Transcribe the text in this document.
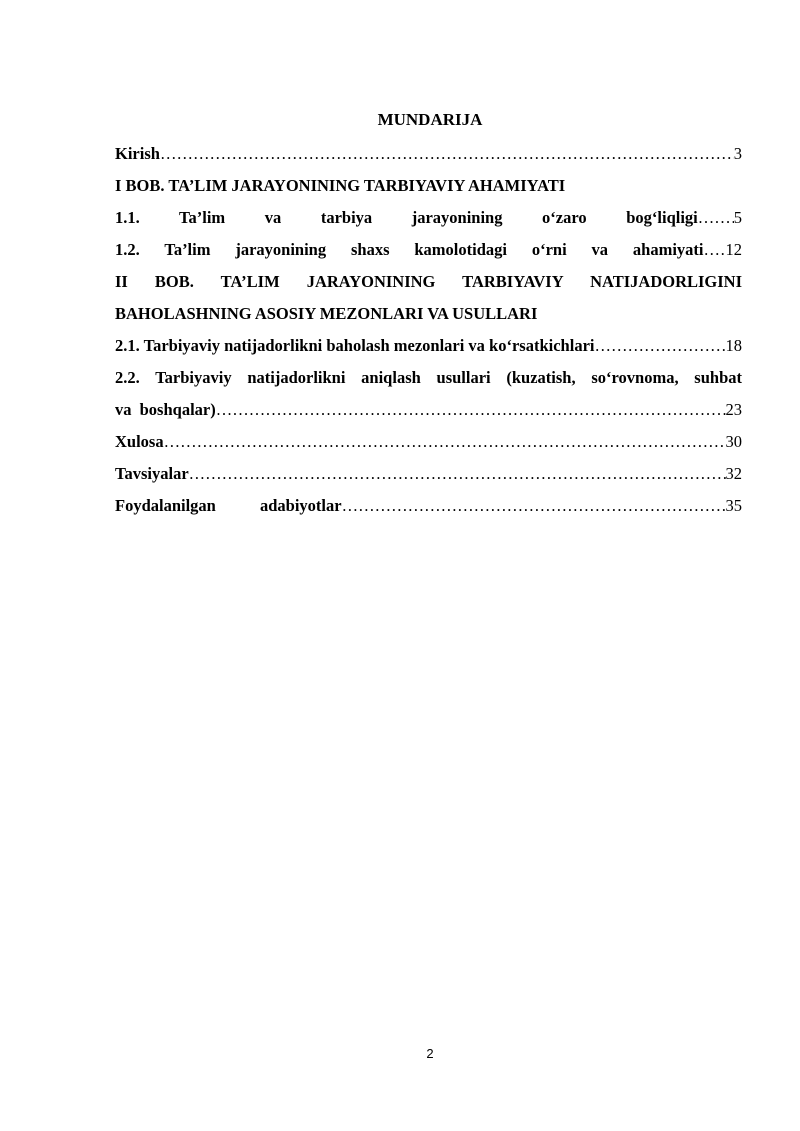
MUNDARIJA
Kirish ………………………………………………………………………………………………………………………………………………………………………………………………………………	3
I BOB. TA’LIM JARAYONINING TARBIYAVIY AHAMIYATI
1.1. Ta’lim va tarbiya jarayonining o‘zaro bog‘liqligi ……………………………………………………………………………………………………………………………………………………………………………………………………………… 5
1.2. Ta’lim jarayonining shaxs kamolotidagi o‘rni va ahamiyati ……………………………………………………………………………………………………………………………………………………………………………………………………………… 12
II BOB. TA’LIM JARAYONINING TARBIYAVIY NATIJADORLIGINI
BAHOLASHNING ASOSIY MEZONLARI VA USULLARI
2.1. Tarbiyaviy natijadorlikni baholash mezonlari va ko‘rsatkichlari ………………………………………………………………………………………………………………………………………………………………………………………………………………	18
2.2. Tarbiyaviy natijadorlikni aniqlash usullari (kuzatish, so‘rovnoma, suhbat
va boshqalar) ………………………………………………………………………………………………………………………………………………………………………………………………………………	23
Xulosa ………………………………………………………………………………………………………………………………………………………………………………………………………………	30
Tavsiyalar ………………………………………………………………………………………………………………………………………………………………………………………………………………	32
Foydalanilgan adabiyotlar ………………………………………………………………………………………………………………………………………………………………………………………………………………	35
2
